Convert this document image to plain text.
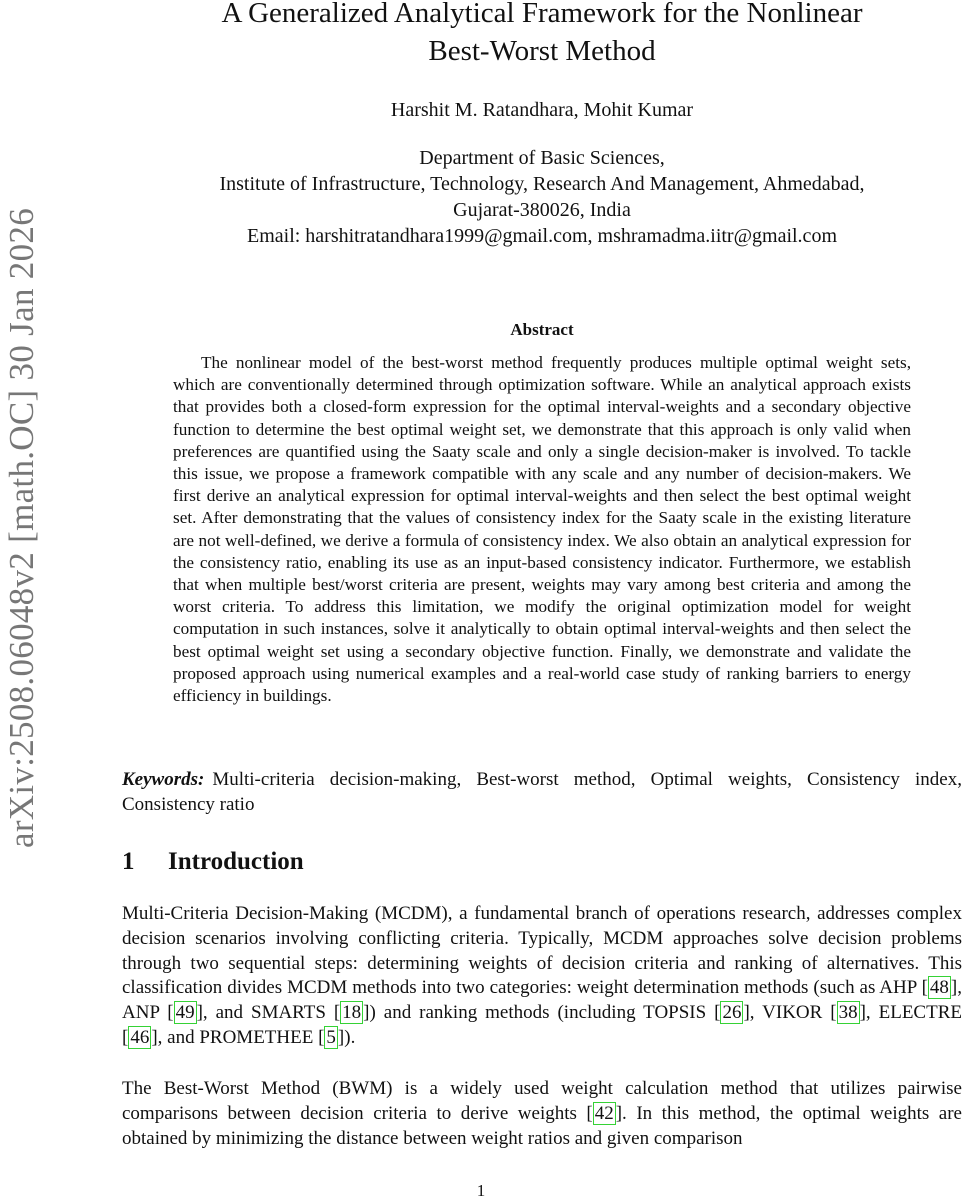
arXiv:2508.06048v2 [math.OC] 30 Jan 2026
A Generalized Analytical Framework for the Nonlinear
Best-Worst Method
Harshit M. Ratandhara, Mohit Kumar
Department of Basic Sciences,
Institute of Infrastructure, Technology, Research And Management, Ahmedabad,
Gujarat-380026, India
Email: harshitratandhara1999@gmail.com, mshramadma.iitr@gmail.com
Abstract

The nonlinear model of the best-worst method frequently produces multiple optimal weight sets, which are conventionally determined through optimization software. While an analytical approach exists that provides both a closed-form expression for the optimal interval-weights and a secondary objective function to determine the best optimal weight set, we demonstrate that this approach is only valid when preferences are quantified using the Saaty scale and only a single decision-maker is involved. To tackle this issue, we propose a framework compatible with any scale and any number of decision-makers. We first derive an analytical expression for optimal interval-weights and then select the best optimal weight set. After demonstrating that the values of consistency index for the Saaty scale in the existing literature are not well-defined, we derive a formula of consistency index. We also obtain an analytical expression for the consistency ratio, enabling its use as an input-based consistency indicator. Furthermore, we establish that when multiple best/worst criteria are present, weights may vary among best criteria and among the worst criteria. To address this limitation, we modify the original optimization model for weight computation in such instances, solve it analytically to obtain optimal interval-weights and then select the best optimal weight set using a secondary objective function. Finally, we demonstrate and validate the proposed approach using numerical examples and a real-world case study of ranking barriers to energy efficiency in buildings.

Keywords: Multi-criteria decision-making, Best-worst method, Optimal weights, Consistency index, Consistency ratio

1 Introduction

Multi-Criteria Decision-Making (MCDM), a fundamental branch of operations research, addresses complex decision scenarios involving conflicting criteria. Typically, MCDM approaches solve decision problems through two sequential steps: determining weights of decision criteria and ranking of alternatives. This classification divides MCDM methods into two categories: weight determination methods (such as AHP [ 48 ], ANP [ 49 ], and SMARTS [ 18 ]) and ranking methods (including TOPSIS [ 26 ], VIKOR [ 38 ], ELECTRE [ 46 ], and PROMETHEE [ 5 ]).

The Best-Worst Method (BWM) is a widely used weight calculation method that utilizes pairwise comparisons between decision criteria to derive weights [ 42 ]. In this method, the optimal weights are obtained by minimizing the distance between weight ratios and given comparison

1
